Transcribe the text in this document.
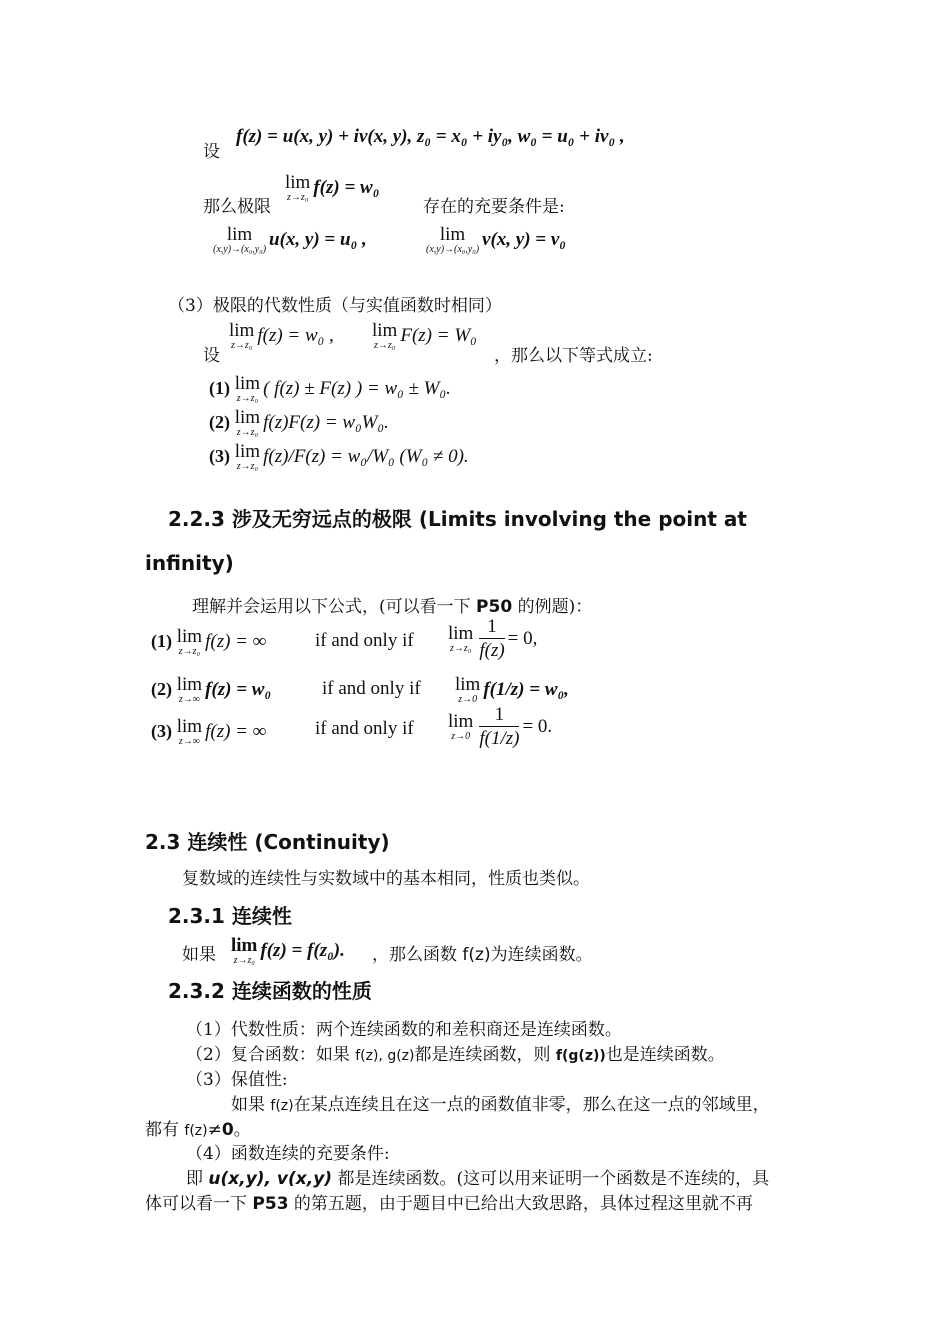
设
f(z) = u(x, y) + iv(x, y), z₀ = x₀ + iy₀, w₀ = u₀ + iv₀ ,
那么极限
lim
z→z₀ f(z) = w₀
存在的充要条件是:
lim
(x,y)→(x₀,y₀) u(x, y) = u₀ ,	lim
(x,y)→(x₀,y₀) v(x, y) = v₀
（3）极限的代数性质（与实值函数时相同）
设
lim
z→z₀ f(z) = w₀ , lim
z→z₀ F(z) = W₀
，那么以下等式成立:
(1) lim
z→z₀ ( f(z) ± F(z) ) = w₀ ± W₀.
(2) lim
z→z₀ f(z)F(z) = w₀W₀.
(3) lim
z→z₀ f(z)/F(z) = w₀/W₀ (W₀ ≠ 0).
2.2.3 涉及无穷远点的极限 (Limits involving the point at
infinity)
理解并会运用以下公式，(可以看一下 P50 的例题)：
(1) lim
z→z₀ f(z) = ∞	if and only if lim
$z\to z_0 \frac{1}{f(z)} = 0$,
(2) lim
z→∞ f(z) = w₀	if and only if lim
z→0 f(1/z) = w₀,
(3) lim
z→∞ f(z) = ∞	if and only if lim
$z\to 0 \frac{1}{f(1/z)} = 0$.
2.3 连续性 (Continuity)
复数域的连续性与实数域中的基本相同，性质也类似。
2.3.1 连续性
如果 lim
z→z₀ f(z) = f(z₀). ，那么函数 f(z)为连续函数。
2.3.2 连续函数的性质
（1）代数性质：两个连续函数的和差积商还是连续函数。
（2）复合函数：如果 f(z), g(z)都是连续函数，则 f(g(z))也是连续函数。
（3）保值性:
如果 f(z)在某点连续且在这一点的函数值非零，那么在这一点的邻域里，
都有 f(z)≠0。
（4）函数连续的充要条件:
即 u(x,y), v(x,y) 都是连续函数。(这可以用来证明一个函数是不连续的，具
体可以看一下 P53 的第五题，由于题目中已给出大致思路，具体过程这里就不再
